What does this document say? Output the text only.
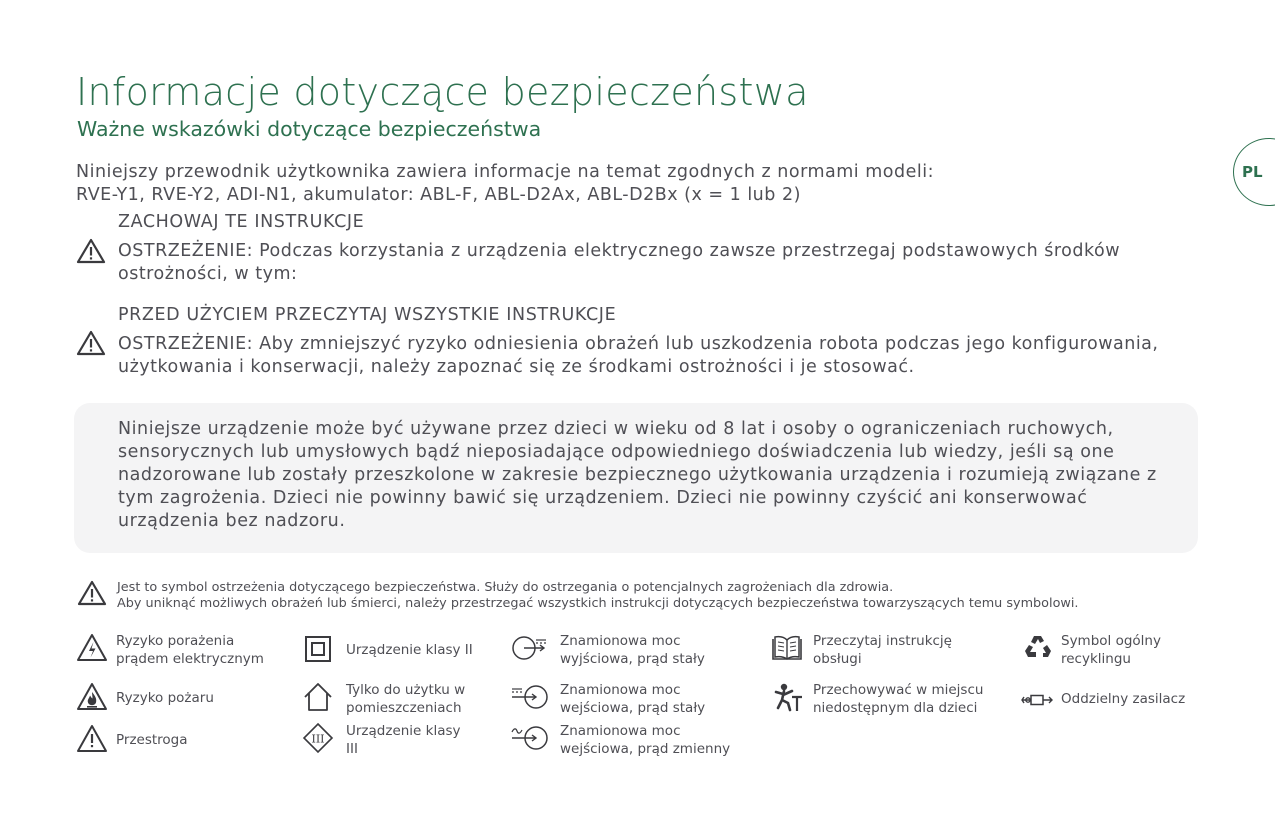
Informacje dotyczące bezpieczeństwa
Ważne wskazówki dotyczące bezpieczeństwa
PL

Niniejszy przewodnik użytkownika zawiera informacje na temat zgodnych z normami modeli:
RVE-Y1, RVE-Y2, ADI-N1, akumulator: ABL-F, ABL-D2Ax, ABL-D2Bx (x = 1 lub 2)

ZACHOWAJ TE INSTRUKCJE

OSTRZEŻENIE: Podczas korzystania z urządzenia elektrycznego zawsze przestrzegaj podstawowych środków ostrożności, w tym:

PRZED UŻYCIEM PRZECZYTAJ WSZYSTKIE INSTRUKCJE

OSTRZEŻENIE: Aby zmniejszyć ryzyko odniesienia obrażeń lub uszkodzenia robota podczas jego konfigurowania, użytkowania i konserwacji, należy zapoznać się ze środkami ostrożności i je stosować.

Niniejsze urządzenie może być używane przez dzieci w wieku od 8 lat i osoby o ograniczeniach ruchowych, sensorycznych lub umysłowych bądź nieposiadające odpowiedniego doświadczenia lub wiedzy, jeśli są one nadzorowane lub zostały przeszkolone w zakresie bezpiecznego użytkowania urządzenia i rozumieją związane z tym zagrożenia. Dzieci nie powinny bawić się urządzeniem. Dzieci nie powinny czyścić ani konserwować urządzenia bez nadzoru.

Jest to symbol ostrzeżenia dotyczącego bezpieczeństwa. Służy do ostrzegania o potencjalnych zagrożeniach dla zdrowia.
Aby uniknąć możliwych obrażeń lub śmierci, należy przestrzegać wszystkich instrukcji dotyczących bezpieczeństwa towarzyszących temu symbolowi.

Ryzyko porażenia prądem elektrycznym

Ryzyko pożaru

Przestroga

Urządzenie klasy II

Tylko do użytku w pomieszczeniach

III Urządzenie klasy III

Znamionowa moc wyjściowa, prąd stały

Znamionowa moc wejściowa, prąd stały

Znamionowa moc wejściowa, prąd zmienny

Przeczytaj instrukcję obsługi

Przechowywać w miejscu niedostępnym dla dzieci

Symbol ogólny recyklingu

Oddzielny zasilacz
